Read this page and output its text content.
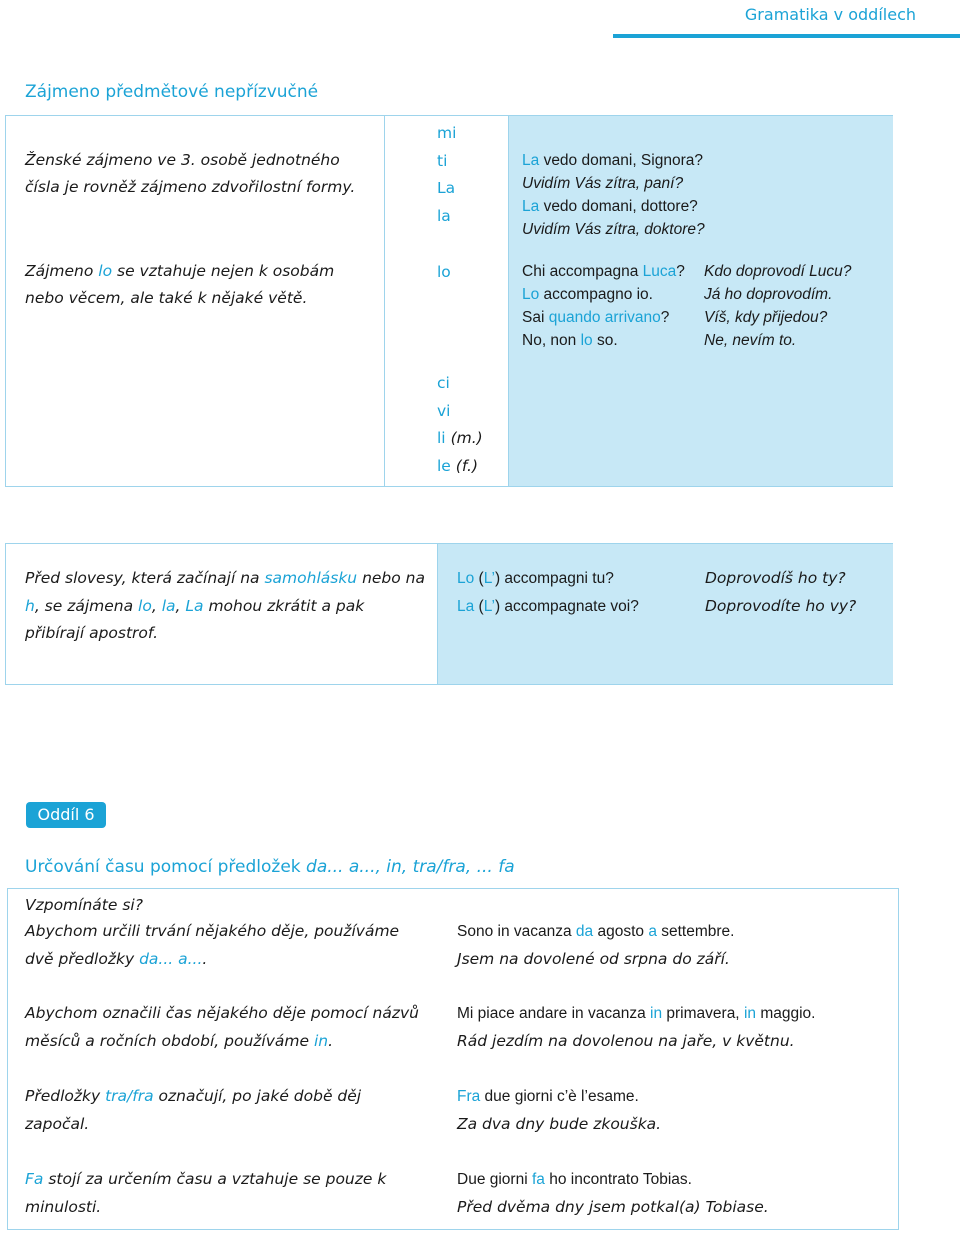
Gramatika v oddílech
Zájmeno předmětové nepřízvučné
Ženské zájmeno ve 3. osobě jednotného čísla je rovněž zájmeno zdvořilostní formy.
mi
ti
La
la
La vedo domani, Signora?
Uvidím Vás zítra, paní?
La vedo domani, dottore?
Uvidím Vás zítra, doktore?
Zájmeno lo se vztahuje nejen k osobám nebo věcem, ale také k nějaké větě.
lo	Chi accompagna Luca?
Lo accompagno io.
Sai quando arrivano?
No, non lo so.
Kdo doprovodí Lucu?
Já ho doprovodím.
Víš, kdy přijedou?
Ne, nevím to.
ci
vi
li (m.)
le (f.)
Před slovesy, která začínají na samohlásku nebo na h, se zájmena lo, la, La mohou zkrátit a pak přibírají apostrof.
Lo (L’) accompagni tu?
La (L’) accompagnate voi?
Doprovodíš ho ty?
Doprovodíte ho vy?
Oddíl 6
Určování času pomocí předložek da... a..., in, tra/fra, ... fa
Vzpomínáte si?
Abychom určili trvání nějakého děje, používáme dvě předložky da... a....
Sono in vacanza da agosto a settembre.
Jsem na dovolené od srpna do září.
Abychom označili čas nějakého děje pomocí názvů měsíců a ročních období, používáme in.
Mi piace andare in vacanza in primavera, in maggio.
Rád jezdím na dovolenou na jaře, v květnu.
Předložky tra/fra označují, po jaké době děj započal.
Fra due giorni c’è l’esame.
Za dva dny bude zkouška.
Fa stojí za určením času a vztahuje se pouze k minulosti.
Due giorni fa ho incontrato Tobias.
Před dvěma dny jsem potkal(a) Tobiase.
